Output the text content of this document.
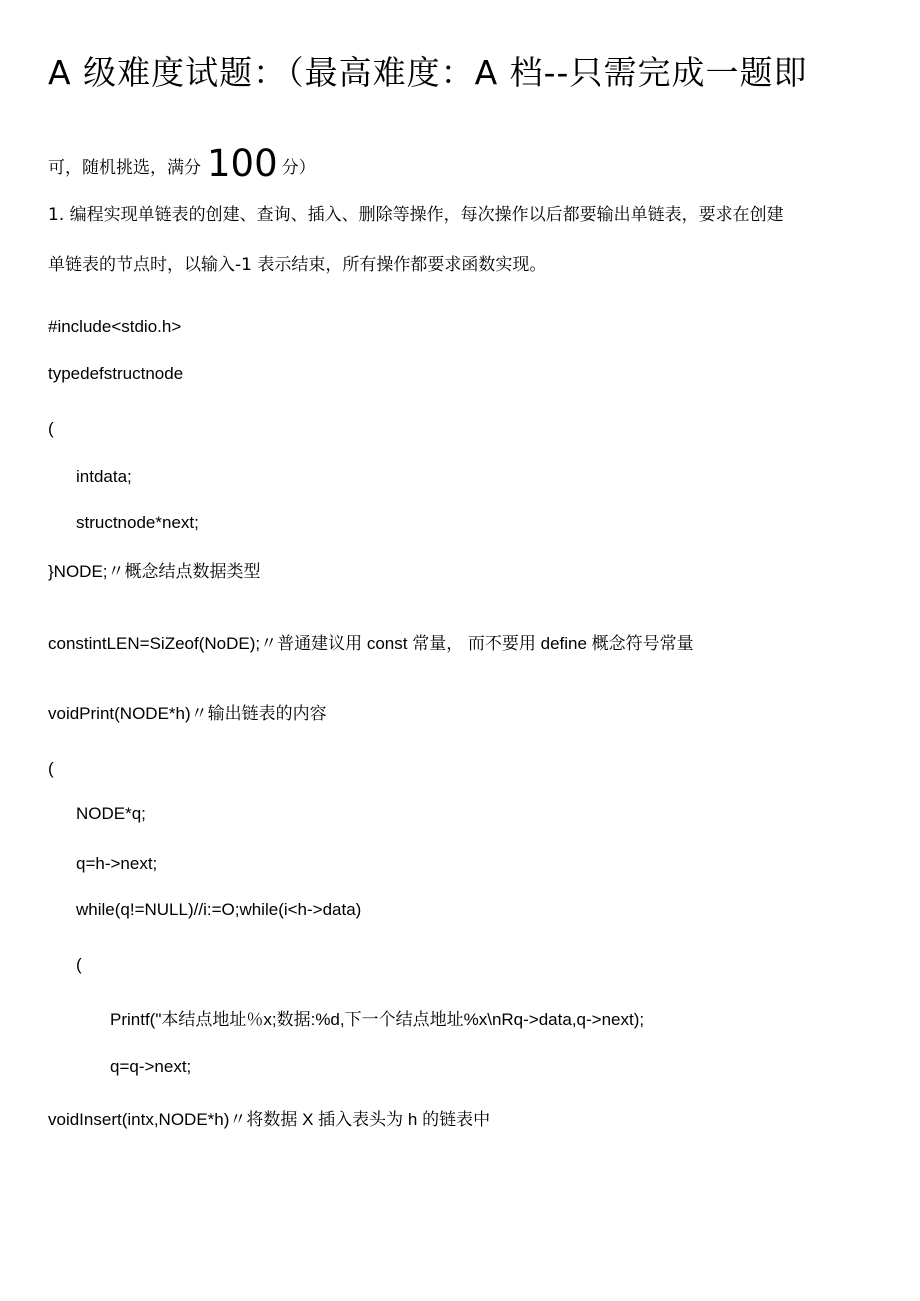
A 级难度试题：（最高难度：A 档--只需完成一题即
可，随机挑选，满分 100 分）
1. 编程实现单链表的创建、查询、插入、删除等操作，每次操作以后都要输出单链表，要求在创建
单链表的节点时，以输入-1 表示结束，所有操作都要求函数实现。
#include<stdio.h>
typedefstructnode
(
intdata;
structnode*next;
}NODE;〃概念结点数据类型
constintLEN=SiZeof(NoDE);〃普通建议用 const 常量， 而不要用 define 概念符号常量
voidPrint(NODE*h)〃输出链表的内容
(
NODE*q;
q=h->next;
while(q!=NULL)//i:=O;while(i<h->data)
(
Printf("本结点地址％x;数据:%d,下一个结点地址%x\nRq->data,q->next);
q=q->next;
voidInsert(intx,NODE*h)〃将数据 X 插入表头为 h 的链表中
